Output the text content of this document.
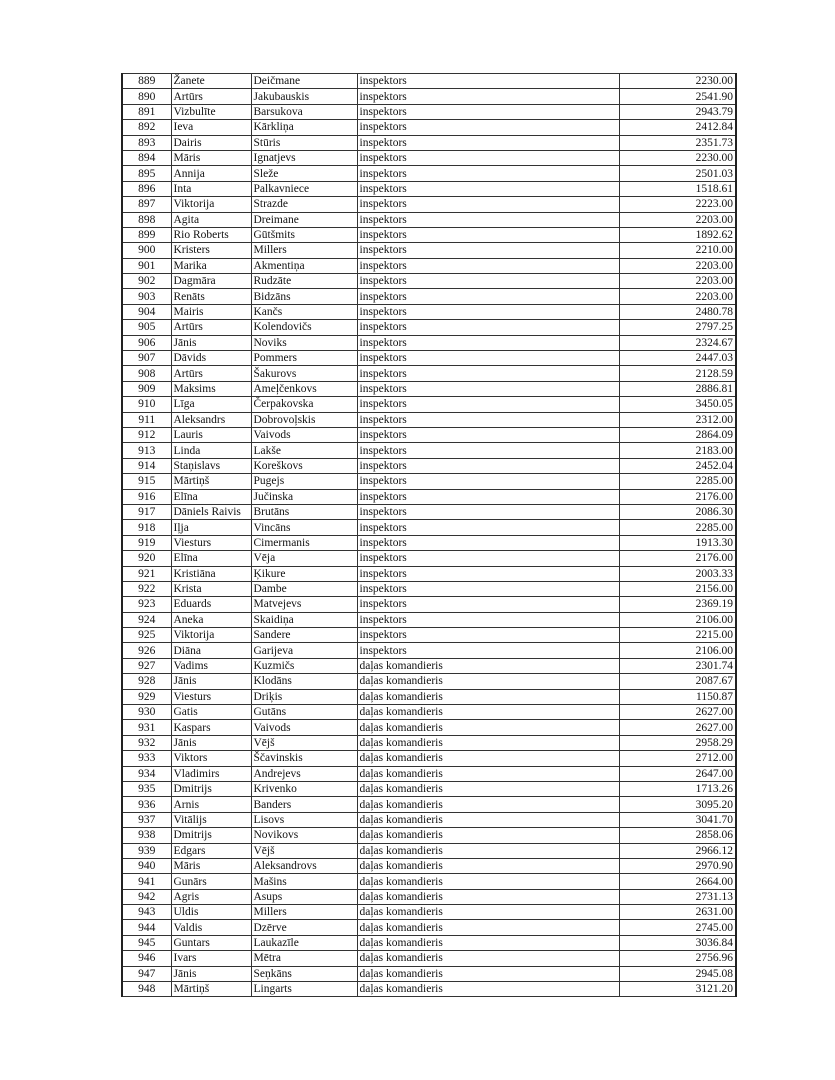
889	Žanete	Deičmane	inspektors	2230.00
890	Artūrs	Jakubauskis	inspektors	2541.90
891	Vizbulīte	Barsukova	inspektors	2943.79
892	Ieva	Kārkliņa	inspektors	2412.84
893	Dairis	Stūris	inspektors	2351.73
894	Māris	Ignatjevs	inspektors	2230.00
895	Annija	Sleže	inspektors	2501.03
896	Inta	Palkavniece	inspektors	1518.61
897	Viktorija	Strazde	inspektors	2223.00
898	Agita	Dreimane	inspektors	2203.00
899	Rio Roberts	Gūtšmits	inspektors	1892.62
900	Kristers	Millers	inspektors	2210.00
901	Marika	Akmentiņa	inspektors	2203.00
902	Dagmāra	Rudzāte	inspektors	2203.00
903	Renāts	Bidzāns	inspektors	2203.00
904	Mairis	Kančs	inspektors	2480.78
905	Artūrs	Kolendovičs	inspektors	2797.25
906	Jānis	Noviks	inspektors	2324.67
907	Dāvids	Pommers	inspektors	2447.03
908	Artūrs	Šakurovs	inspektors	2128.59
909	Maksims	Ameļčenkovs	inspektors	2886.81
910	Līga	Čerpakovska	inspektors	3450.05
911	Aleksandrs	Dobrovoļskis	inspektors	2312.00
912	Lauris	Vaivods	inspektors	2864.09
913	Linda	Lakše	inspektors	2183.00
914	Staņislavs	Koreškovs	inspektors	2452.04
915	Mārtiņš	Pugejs	inspektors	2285.00
916	Elīna	Jučinska	inspektors	2176.00
917	Dāniels Raivis	Brutāns	inspektors	2086.30
918	Iļja	Vincāns	inspektors	2285.00
919	Viesturs	Cimermanis	inspektors	1913.30
920	Elīna	Vēja	inspektors	2176.00
921	Kristiāna	Ķikure	inspektors	2003.33
922	Krista	Dambe	inspektors	2156.00
923	Eduards	Matvejevs	inspektors	2369.19
924	Aneka	Skaidiņa	inspektors	2106.00
925	Viktorija	Sandere	inspektors	2215.00
926	Diāna	Garijeva	inspektors	2106.00
927	Vadims	Kuzmičs	daļas komandieris	2301.74
928	Jānis	Klodāns	daļas komandieris	2087.67
929	Viesturs	Driķis	daļas komandieris	1150.87
930	Gatis	Gutāns	daļas komandieris	2627.00
931	Kaspars	Vaivods	daļas komandieris	2627.00
932	Jānis	Vējš	daļas komandieris	2958.29
933	Viktors	Ščavinskis	daļas komandieris	2712.00
934	Vladimirs	Andrejevs	daļas komandieris	2647.00
935	Dmitrijs	Krivenko	daļas komandieris	1713.26
936	Arnis	Banders	daļas komandieris	3095.20
937	Vitālijs	Lisovs	daļas komandieris	3041.70
938	Dmitrijs	Novikovs	daļas komandieris	2858.06
939	Edgars	Vējš	daļas komandieris	2966.12
940	Māris	Aleksandrovs	daļas komandieris	2970.90
941	Gunārs	Mašins	daļas komandieris	2664.00
942	Agris	Asups	daļas komandieris	2731.13
943	Uldis	Millers	daļas komandieris	2631.00
944	Valdis	Dzērve	daļas komandieris	2745.00
945	Guntars	Laukazīle	daļas komandieris	3036.84
946	Ivars	Mētra	daļas komandieris	2756.96
947	Jānis	Seņkāns	daļas komandieris	2945.08
948	Mārtiņš	Lingarts	daļas komandieris	3121.20
